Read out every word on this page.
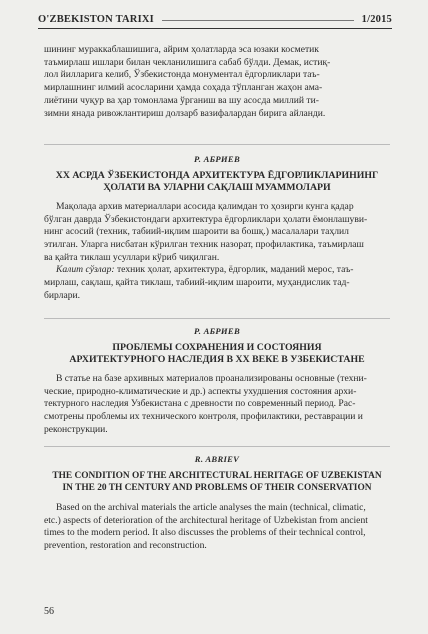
O'ZBEKISTON TARIXI	1/2015

шининг мураккаблашишига, айрим ҳолатларда эса юзаки косметик

таъмирлаш ишлари билан чекланилишига сабаб бўлди. Демак, истиқ-

лол йилларига келиб, Ўзбекистонда монументал ёдгорликлари таъ-

мирлашнинг илмий асосларини ҳамда соҳада тўпланган жаҳон ама-

лиётини чуқур ва ҳар томонлама ўрганиш ва шу асосда миллий ти-

зимни янада ривожлантириш долзарб вазифалардан бирига айланди.

Р. АБРИЕВ

ХХ АСРДА ЎЗБЕКИСТОНДА АРХИТЕКТУРА ЁДГОРЛИКЛАРИНИНГ
ҲОЛАТИ ВА УЛАРНИ САҚЛАШ МУАММОЛАРИ

Мақолада архив материаллари асосида қалимдан то ҳозирги кунга қадар

бўлган даврда Ўзбекистондаги архитектура ёдгорликлари ҳолати ёмонлашуви-

нинг асосий (техник, табиий-иқлим шароити ва бошқ.) масалалари таҳлил

этилган. Уларга нисбатан кўрилган техник назорат, профилактика, таъмирлаш

ва қайта тиклаш усуллари кўриб чиқилган.

Калит сўзлар: техник ҳолат, архитектура, ёдгорлик, маданий мерос, таъ-

мирлаш, сақлаш, қайта тиклаш, табиий-иқлим шароити, муҳандислик тад-

бирлари.

Р. АБРИЕВ

ПРОБЛЕМЫ СОХРАНЕНИЯ И СОСТОЯНИЯ
АРХИТЕКТУРНОГО НАСЛЕДИЯ В ХХ ВЕКЕ В УЗБЕКИСТАНЕ

В статье на базе архивных материалов проанализированы основные (техни-

ческие, природно-климатические и др.) аспекты ухудшения состояния архи-

тектурного наследия Узбекистана с древности по современный период. Рас-

смотрены проблемы их технического контроля, профилактики, реставрации и

реконструкции.

R. ABRIEV

THE CONDITION OF THE ARCHITECTURAL HERITAGE OF UZBEKISTAN
IN THE 20 TH CENTURY AND PROBLEMS OF THEIR CONSERVATION

Based on the archival materials the article analyses the main (technical, climatic,

etc.) aspects of deterioration of the architectural heritage of Uzbekistan from ancient

times to the modern period. It also discusses the problems of their technical control,

prevention, restoration and reconstruction.

56
